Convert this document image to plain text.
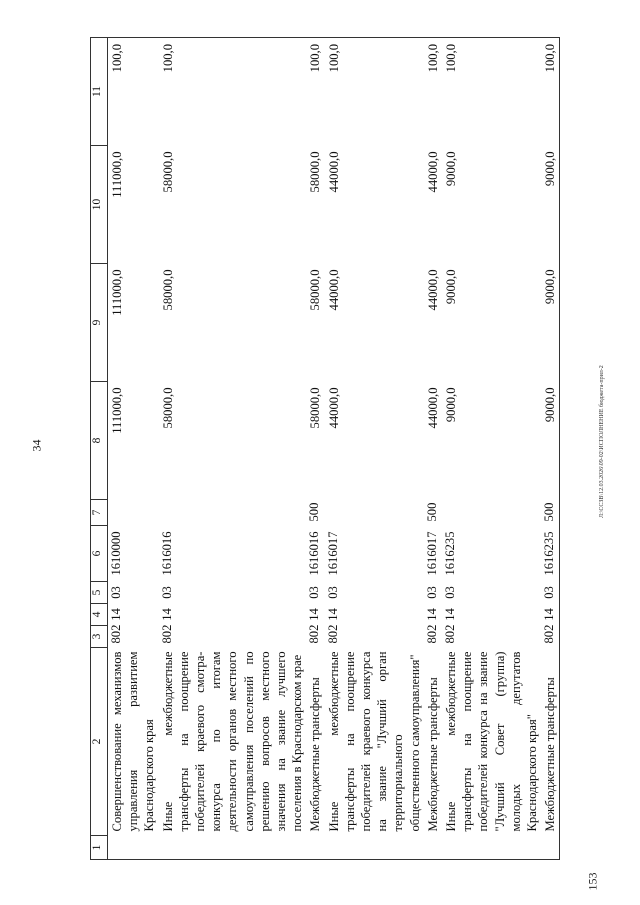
34	Л:\ССЗВ\12.03.2026\09-02\ИСПОЛНЕНИЕ бюджета-прил-2
153
1	2	3	4	5	6	7	8	9	10	11
	Совершенствование механизмов управления развитием Краснодарского края	802	14	03	1610000		111000,0	111000,0	111000,0	100,0
	Иные межбюджетные трансферты на поощрение победителей краевого смотра-конкурса по итогам деятельности органов местного самоуправления поселений по решению вопросов местного значения на звание лучшего поселения в Краснодарском крае	802	14	03	1616016		58000,0	58000,0	58000,0	100,0
	Межбюджетные трансферты	802	14	03	1616016	500	58000,0	58000,0	58000,0	100,0
	Иные межбюджетные трансферты на поощрение победителей краевого конкурса на звание "Лучший орган территориального общественного самоуправления"	802	14	03	1616017		44000,0	44000,0	44000,0	100,0
	Межбюджетные трансферты	802	14	03	1616017	500	44000,0	44000,0	44000,0	100,0
	Иные межбюджетные трансферты на поощрение победителей конкурса на звание "Лучший Совет (группа) молодых депутатов Краснодарского края"	802	14	03	1616235		9000,0	9000,0	9000,0	100,0
	Межбюджетные трансферты	802	14	03	1616235	500	9000,0	9000,0	9000,0	100,0
